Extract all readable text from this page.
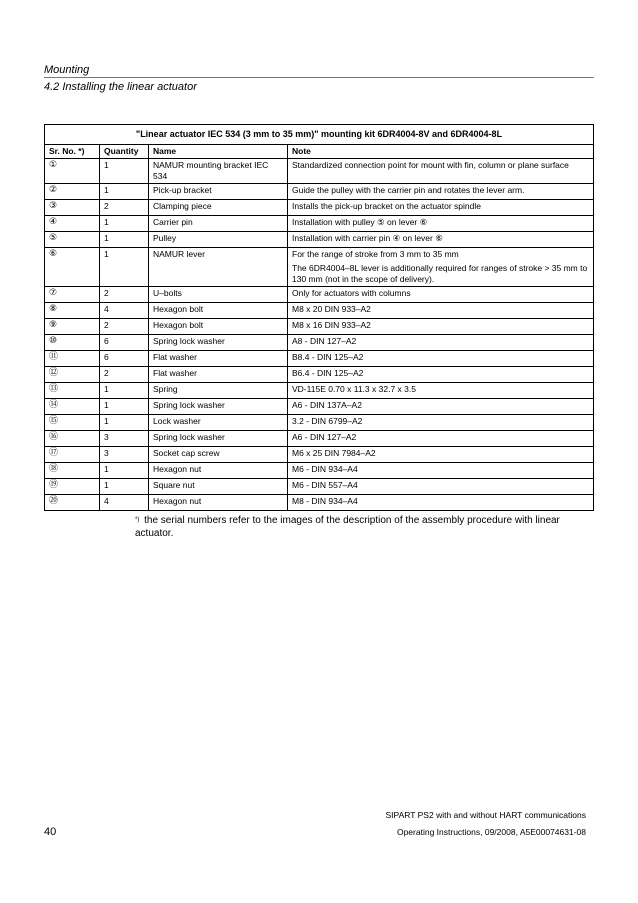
Mounting
4.2 Installing the linear actuator
"Linear actuator IEC 534 (3 mm to 35 mm)" mounting kit 6DR4004-8V and 6DR4004-8L			
Sr. No. *)	Quantity	Name	Note
①	1	NAMUR mounting bracket IEC 534	Standardized connection point for mount with fin, column or plane surface

②	1	Pick-up bracket	Guide the pulley with the carrier pin and rotates the lever arm.

③	2	Clamping piece	Installs the pick-up bracket on the actuator spindle

④	1	Carrier pin	Installation with pulley ⑤ on lever ⑥

⑤	1	Pulley	Installation with carrier pin ④ on lever ⑥

⑥	1	NAMUR lever	For the range of stroke from 3 mm to 35 mm
The 6DR4004–8L lever is additionally required for ranges of stroke > 35 mm to 130 mm (not in the scope of delivery).

⑦	2	U–bolts	Only for actuators with columns

⑧	4	Hexagon bolt	M8 x 20 DIN 933–A2

⑨	2	Hexagon bolt	M8 x 16 DIN 933–A2

⑩	6	Spring lock washer	A8 - DIN 127–A2

⑪	6	Flat washer	B8.4 - DIN 125–A2

⑫	2	Flat washer	B6.4 - DIN 125–A2

⑬	1	Spring	VD-115E 0.70 x 11.3 x 32.7 x 3.5

⑭	1	Spring lock washer	A6 - DIN 137A–A2

⑮	1	Lock washer	3.2 - DIN 6799–A2

⑯	3	Spring lock washer	A6 - DIN 127–A2

⑰	3	Socket cap screw	M6 x 25 DIN 7984–A2

⑱	1	Hexagon nut	M6 - DIN 934–A4

⑲	1	Square nut	M6 - DIN 557–A4

⑳	4	Hexagon nut	M8 - DIN 934–A4
*) the serial numbers refer to the images of the description of the assembly procedure with linear actuator.
SIPART PS2 with and without HART communications
40	Operating Instructions, 09/2008, A5E00074631-08
